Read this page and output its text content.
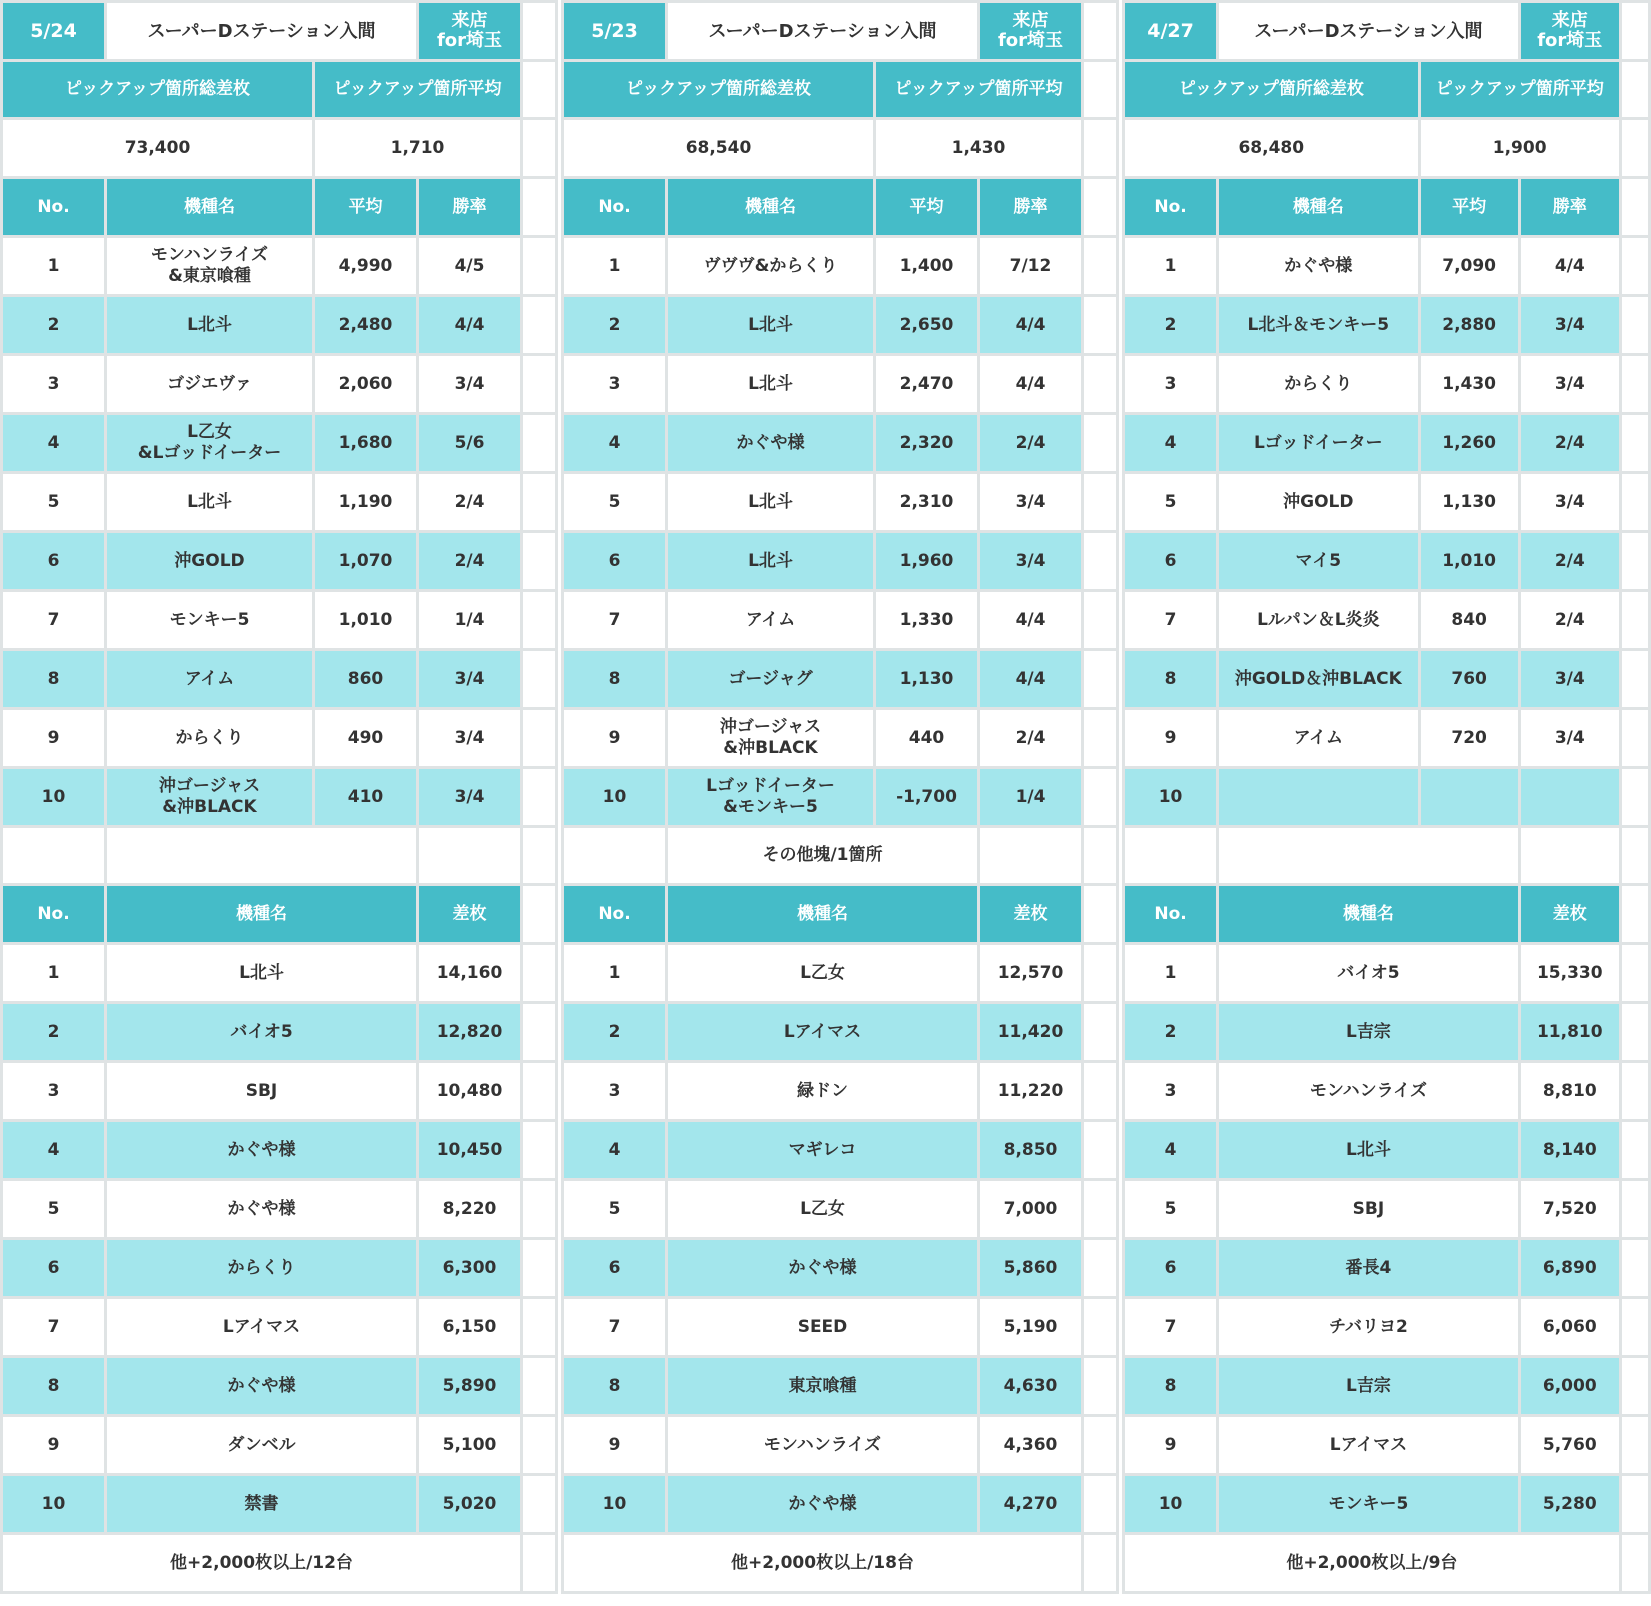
5/24	スーパーDステーション入間		来店
for埼玉	
ピックアップ箇所総差枚		ピックアップ箇所平均		
73,400		1,710		
No.	機種名	平均	勝率	
1	モンハンライズ
&東京喰種	4,990	4/5	
2	L北斗	2,480	4/4	
3	ゴジエヴァ	2,060	3/4	
4	L乙女
&Lゴッドイーター	1,680	5/6	
5	L北斗	1,190	2/4	
6	沖GOLD	1,070	2/4	
7	モンキー5	1,010	1/4	
8	アイム	860	3/4	
9	からくり	490	3/4	
10	沖ゴージャス
&沖BLACK	410	3/4	

No.	機種名		差枚	
1	L北斗		14,160	
2	バイオ5		12,820	
3	SBJ		10,480	
4	かぐや様		10,450	
5	かぐや様		8,220	
6	からくり		6,300	
7	Lアイマス		6,150	
8	かぐや様		5,890	
9	ダンベル		5,100	
10	禁書		5,020	
他+2,000枚以上/12台				
5/23	スーパーDステーション入間		来店
for埼玉	
ピックアップ箇所総差枚		ピックアップ箇所平均		
68,540		1,430		
No.	機種名	平均	勝率	
1	ヴヴヴ&からくり	1,400	7/12	
2	L北斗	2,650	4/4	
3	L北斗	2,470	4/4	
4	かぐや様	2,320	2/4	
5	L北斗	2,310	3/4	
6	L北斗	1,960	3/4	
7	アイム	1,330	4/4	
8	ゴージャグ	1,130	4/4	
9	沖ゴージャス
&沖BLACK	440	2/4	
10	Lゴッドイーター
&モンキー5	-1,700	1/4	
	その他塊/1箇所			
No.	機種名		差枚	
1	L乙女		12,570	
2	Lアイマス		11,420	
3	緑ドン		11,220	
4	マギレコ		8,850	
5	L乙女		7,000	
6	かぐや様		5,860	
7	SEED		5,190	
8	東京喰種		4,630	
9	モンハンライズ		4,360	
10	かぐや様		4,270	
他+2,000枚以上/18台				
4/27	スーパーDステーション入間		来店
for埼玉	
ピックアップ箇所総差枚		ピックアップ箇所平均		
68,480		1,900		
No.	機種名	平均	勝率	
1	かぐや様	7,090	4/4	
2	L北斗＆モンキー5	2,880	3/4	
3	からくり	1,430	3/4	
4	Lゴッドイーター	1,260	2/4	
5	沖GOLD	1,130	3/4	
6	マイ5	1,010	2/4	
7	Lルパン＆L炎炎	840	2/4	
8	沖GOLD＆沖BLACK	760	3/4	
9	アイム	720	3/4	
10				

No.	機種名		差枚	
1	バイオ5		15,330	
2	L吉宗		11,810	
3	モンハンライズ		8,810	
4	L北斗		8,140	
5	SBJ		7,520	
6	番長4		6,890	
7	チバリヨ2		6,060	
8	L吉宗		6,000	
9	Lアイマス		5,760	
10	モンキー5		5,280	
他+2,000枚以上/9台				
